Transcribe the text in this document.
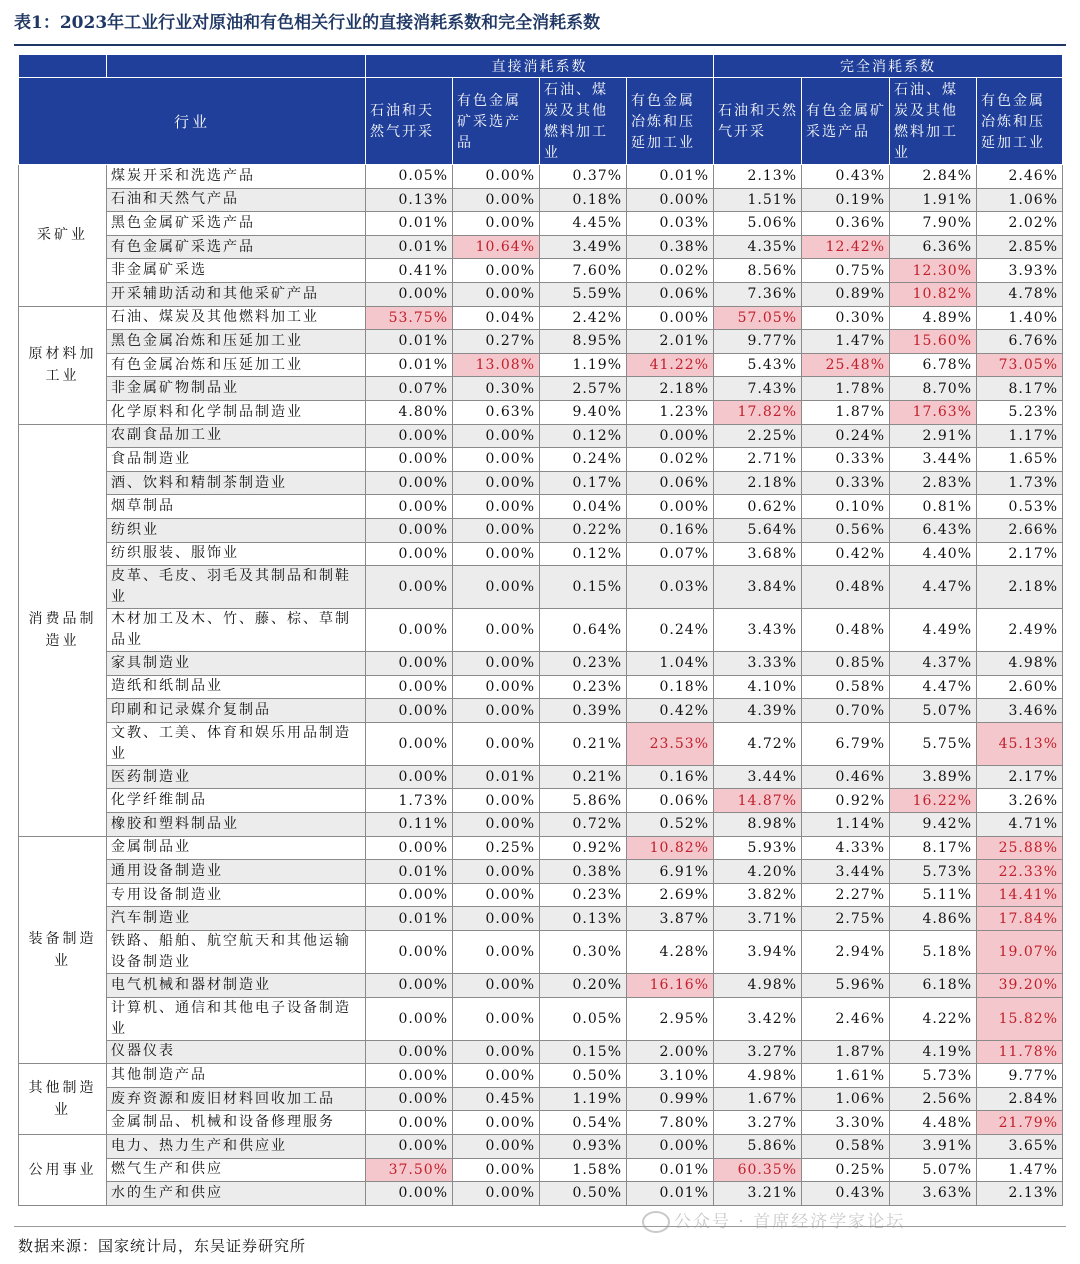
表1：2023年工业行业对原油和有色相关行业的直接消耗系数和完全消耗系数
		直接消耗系数				完全消耗系数			
行业		石油和天然气开采	有色金属矿采选产品	石油、煤炭及其他燃料加工业	有色金属冶炼和压延加工业	石油和天然气开采	有色金属矿采选产品	石油、煤炭及其他燃料加工业	有色金属冶炼和压延加工业
采矿业	煤炭开采和洗选产品	0.05%	0.00%	0.37%	0.01%	2.13%	0.43%	2.84%	2.46%
	石油和天然气产品	0.13%	0.00%	0.18%	0.00%	1.51%	0.19%	1.91%	1.06%
	黑色金属矿采选产品	0.01%	0.00%	4.45%	0.03%	5.06%	0.36%	7.90%	2.02%
	有色金属矿采选产品	0.01%	10.64%	3.49%	0.38%	4.35%	12.42%	6.36%	2.85%
	非金属矿采选	0.41%	0.00%	7.60%	0.02%	8.56%	0.75%	12.30%	3.93%
	开采辅助活动和其他采矿产品	0.00%	0.00%	5.59%	0.06%	7.36%	0.89%	10.82%	4.78%
原材料加工业	石油、煤炭及其他燃料加工业	53.75%	0.04%	2.42%	0.00%	57.05%	0.30%	4.89%	1.40%
	黑色金属冶炼和压延加工业	0.01%	0.27%	8.95%	2.01%	9.77%	1.47%	15.60%	6.76%
	有色金属冶炼和压延加工业	0.01%	13.08%	1.19%	41.22%	5.43%	25.48%	6.78%	73.05%
	非金属矿物制品业	0.07%	0.30%	2.57%	2.18%	7.43%	1.78%	8.70%	8.17%
	化学原料和化学制品制造业	4.80%	0.63%	9.40%	1.23%	17.82%	1.87%	17.63%	5.23%
消费品制造业	农副食品加工业	0.00%	0.00%	0.12%	0.00%	2.25%	0.24%	2.91%	1.17%
	食品制造业	0.00%	0.00%	0.24%	0.02%	2.71%	0.33%	3.44%	1.65%
	酒、饮料和精制茶制造业	0.00%	0.00%	0.17%	0.06%	2.18%	0.33%	2.83%	1.73%
	烟草制品	0.00%	0.00%	0.04%	0.00%	0.62%	0.10%	0.81%	0.53%
	纺织业	0.00%	0.00%	0.22%	0.16%	5.64%	0.56%	6.43%	2.66%
	纺织服装、服饰业	0.00%	0.00%	0.12%	0.07%	3.68%	0.42%	4.40%	2.17%
	皮革、毛皮、羽毛及其制品和制鞋业	0.00%	0.00%	0.15%	0.03%	3.84%	0.48%	4.47%	2.18%
	木材加工及木、竹、藤、棕、草制品业	0.00%	0.00%	0.64%	0.24%	3.43%	0.48%	4.49%	2.49%
	家具制造业	0.00%	0.00%	0.23%	1.04%	3.33%	0.85%	4.37%	4.98%
	造纸和纸制品业	0.00%	0.00%	0.23%	0.18%	4.10%	0.58%	4.47%	2.60%
	印刷和记录媒介复制品	0.00%	0.00%	0.39%	0.42%	4.39%	0.70%	5.07%	3.46%
	文教、工美、体育和娱乐用品制造业	0.00%	0.00%	0.21%	23.53%	4.72%	6.79%	5.75%	45.13%
	医药制造业	0.00%	0.01%	0.21%	0.16%	3.44%	0.46%	3.89%	2.17%
	化学纤维制品	1.73%	0.00%	5.86%	0.06%	14.87%	0.92%	16.22%	3.26%
	橡胶和塑料制品业	0.11%	0.00%	0.72%	0.52%	8.98%	1.14%	9.42%	4.71%
装备制造业	金属制品业	0.00%	0.25%	0.92%	10.82%	5.93%	4.33%	8.17%	25.88%
	通用设备制造业	0.01%	0.00%	0.38%	6.91%	4.20%	3.44%	5.73%	22.33%
	专用设备制造业	0.00%	0.00%	0.23%	2.69%	3.82%	2.27%	5.11%	14.41%
	汽车制造业	0.01%	0.00%	0.13%	3.87%	3.71%	2.75%	4.86%	17.84%
	铁路、船舶、航空航天和其他运输设备制造业	0.00%	0.00%	0.30%	4.28%	3.94%	2.94%	5.18%	19.07%
	电气机械和器材制造业	0.00%	0.00%	0.20%	16.16%	4.98%	5.96%	6.18%	39.20%
	计算机、通信和其他电子设备制造业	0.00%	0.00%	0.05%	2.95%	3.42%	2.46%	4.22%	15.82%
	仪器仪表	0.00%	0.00%	0.15%	2.00%	3.27%	1.87%	4.19%	11.78%
其他制造业	其他制造产品	0.00%	0.00%	0.50%	3.10%	4.98%	1.61%	5.73%	9.77%
	废弃资源和废旧材料回收加工品	0.00%	0.45%	1.19%	0.99%	1.67%	1.06%	2.56%	2.84%
	金属制品、机械和设备修理服务	0.00%	0.00%	0.54%	7.80%	3.27%	3.30%	4.48%	21.79%
公用事业	电力、热力生产和供应业	0.00%	0.00%	0.93%	0.00%	5.86%	0.58%	3.91%	3.65%
	燃气生产和供应	37.50%	0.00%	1.58%	0.01%	60.35%	0.25%	5.07%	1.47%
	水的生产和供应	0.00%	0.00%	0.50%	0.01%	3.21%	0.43%	3.63%	2.13%
公众号 · 首席经济学家论坛
数据来源：国家统计局，东吴证券研究所
